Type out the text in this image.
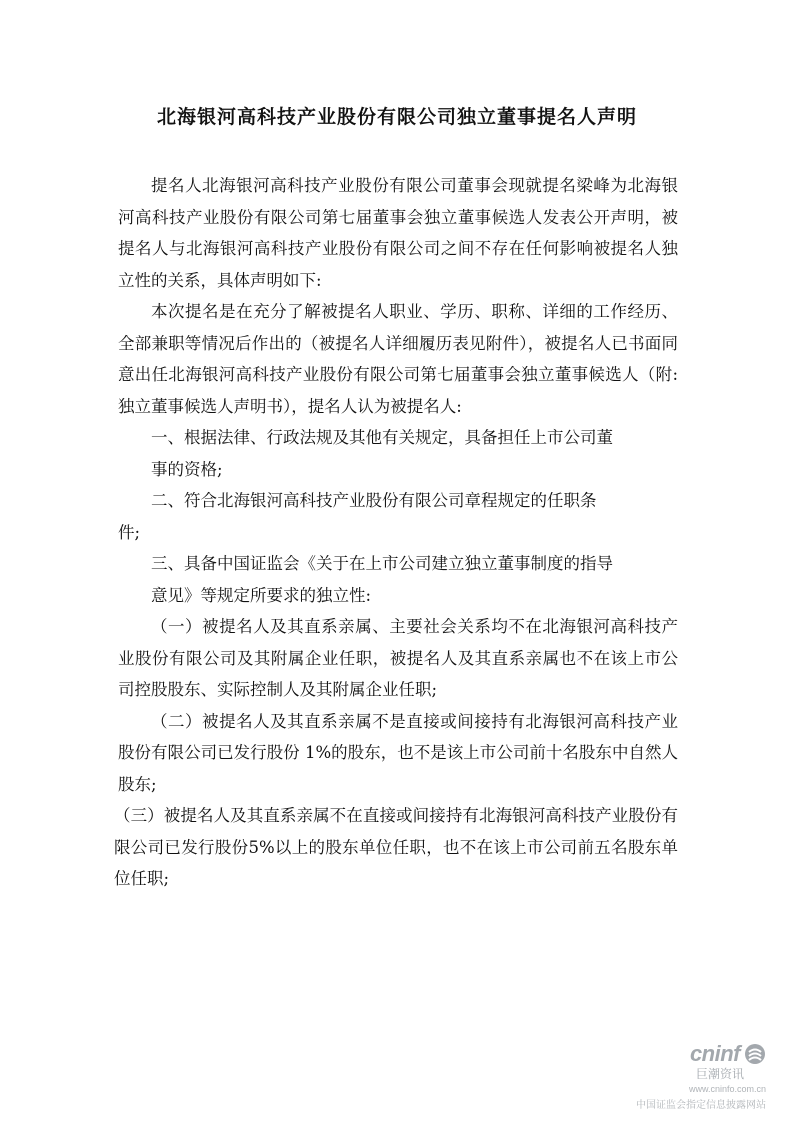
北海银河高科技产业股份有限公司独立董事提名人声明

提名人北海银河高科技产业股份有限公司董事会现就提名梁峰为北海银河高科技产业股份有限公司第七届董事会独立董事候选人发表公开声明，被提名人与北海银河高科技产业股份有限公司之间不存在任何影响被提名人独立性的关系，具体声明如下:

本次提名是在充分了解被提名人职业、学历、职称、详细的工作经历、全部兼职等情况后作出的（被提名人详细履历表见附件），被提名人已书面同意出任北海银河高科技产业股份有限公司第七届董事会独立董事候选人（附: 独立董事候选人声明书），提名人认为被提名人:

一、根据法律、行政法规及其他有关规定，具备担任上市公司董

事的资格;

二、符合北海银河高科技产业股份有限公司章程规定的任职条

件;

三、具备中国证监会《关于在上市公司建立独立董事制度的指导

意见》等规定所要求的独立性:

（一）被提名人及其直系亲属、主要社会关系均不在北海银河高科技产业股份有限公司及其附属企业任职，被提名人及其直系亲属也不在该上市公司控股股东、实际控制人及其附属企业任职;

（二）被提名人及其直系亲属不是直接或间接持有北海银河高科技产业股份有限公司已发行股份 1%的股东，也不是该上市公司前十名股东中自然人股东;

（三）被提名人及其直系亲属不在直接或间接持有北海银河高科技产业股份有限公司已发行股份5%以上的股东单位任职，也不在该上市公司前五名股东单位任职;

cninf
巨潮资讯
www.cninfo.com.cn
中国证监会指定信息披露网站
